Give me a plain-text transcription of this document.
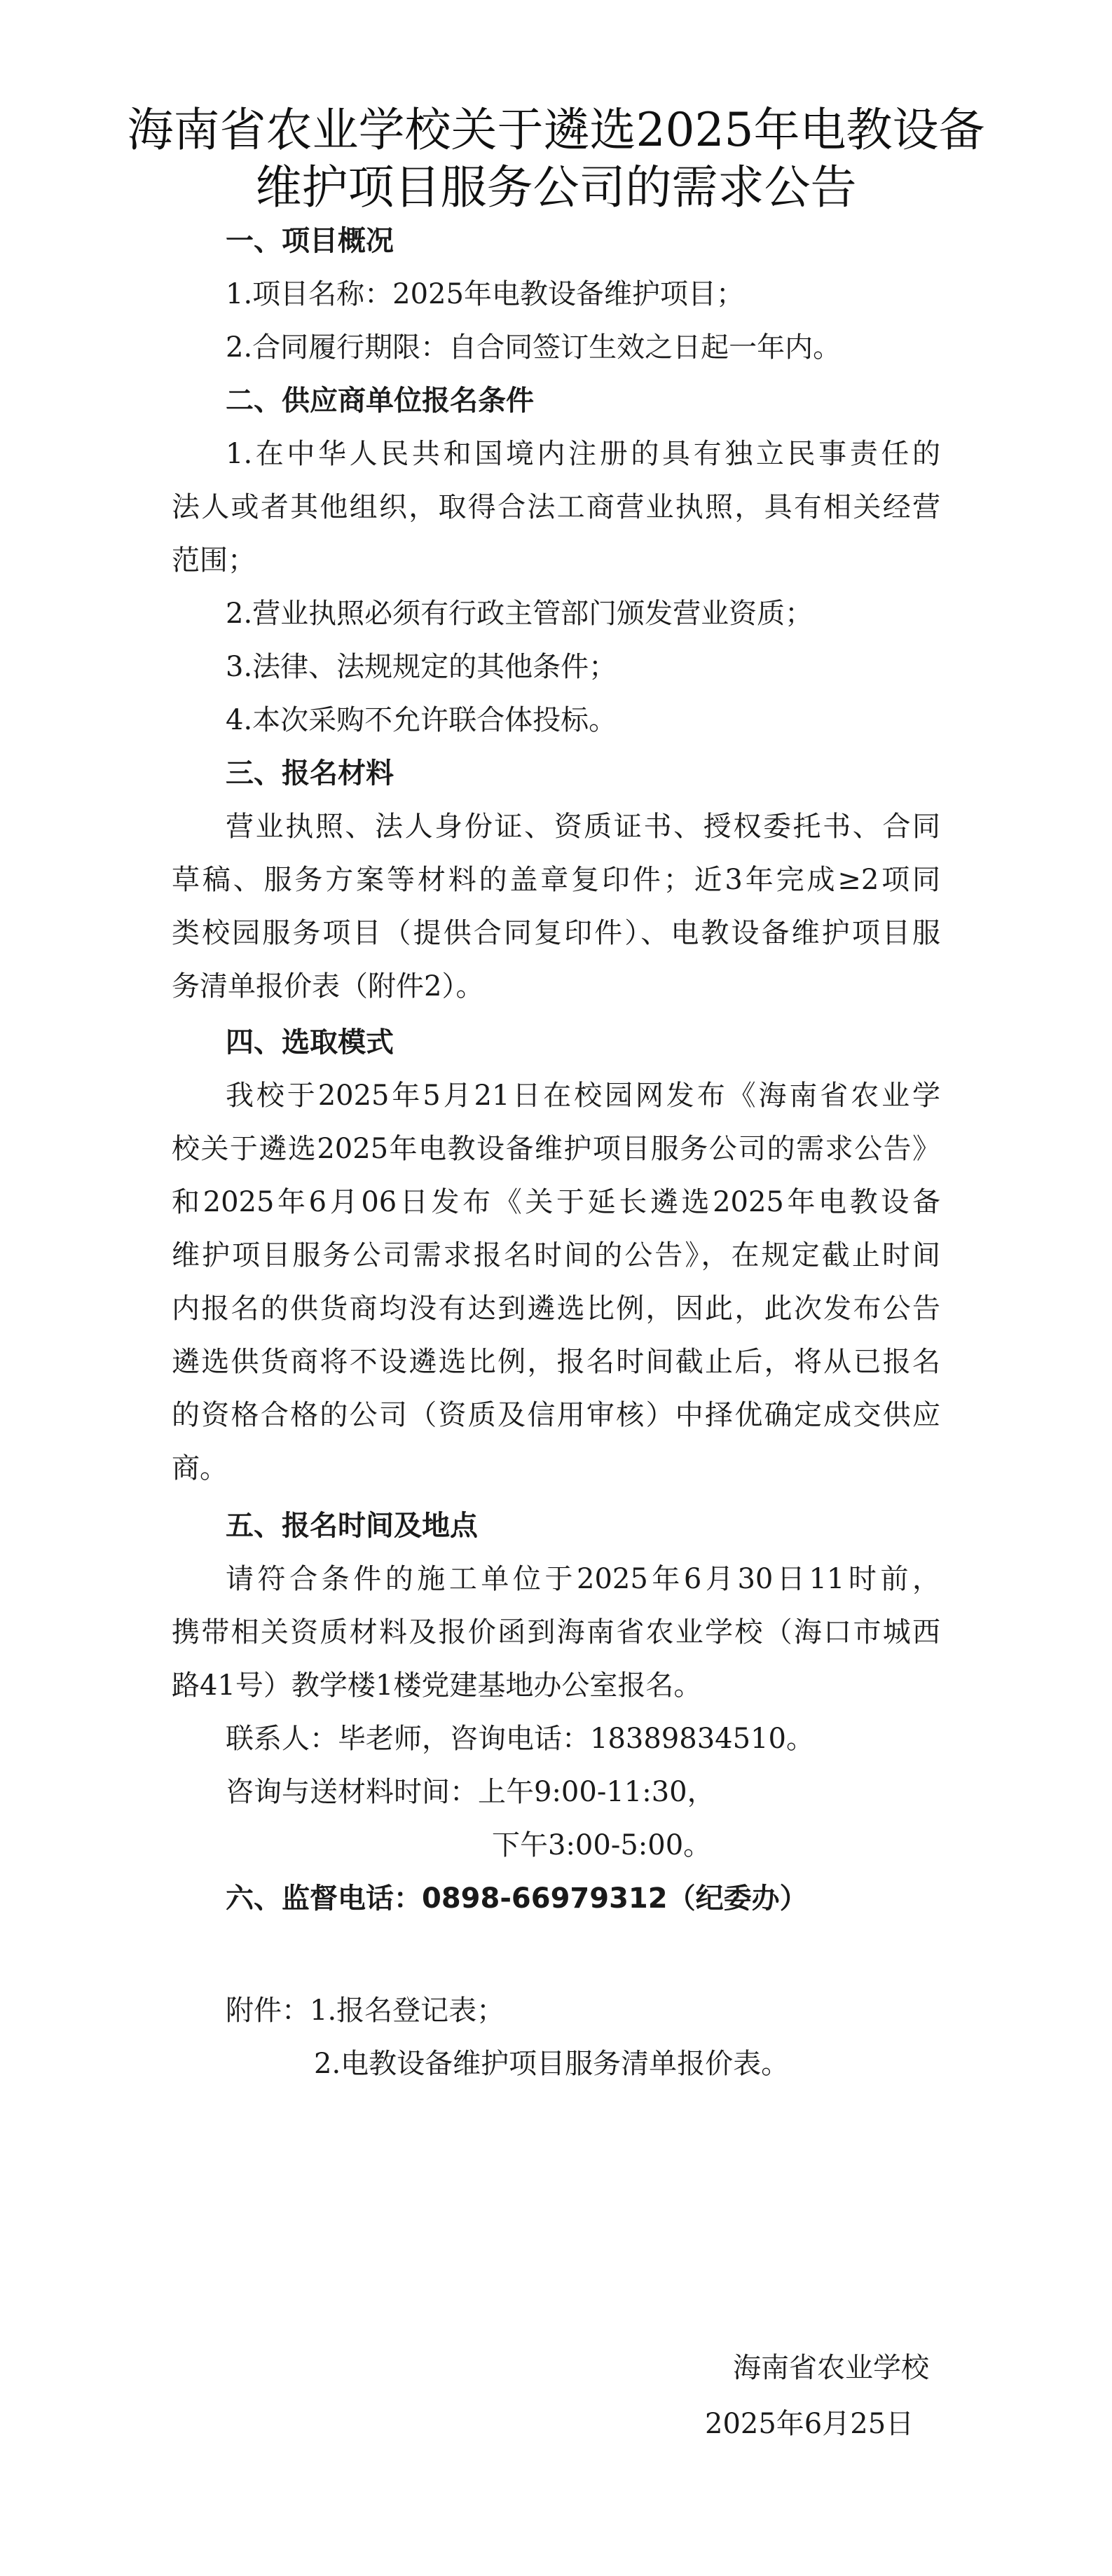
海南省农业学校关于遴选2025年电教设备
维护项目服务公司的需求公告
一、项目概况
1.项目名称：2025年电教设备维护项目；
2.合同履行期限：自合同签订生效之日起一年内。
二、供应商单位报名条件
1.在中华人民共和国境内注册的具有独立民事责任的
法人或者其他组织，取得合法工商营业执照，具有相关经营
范围；
2.营业执照必须有行政主管部门颁发营业资质；
3.法律、法规规定的其他条件；
4.本次采购不允许联合体投标。
三、报名材料
营业执照、法人身份证、资质证书、授权委托书、合同
草稿、服务方案等材料的盖章复印件；近3年完成≥2项同
类校园服务项目（提供合同复印件）、电教设备维护项目服
务清单报价表（附件2）。
四、选取模式
我校于2025年5月21日在校园网发布《海南省农业学
校关于遴选2025年电教设备维护项目服务公司的需求公告》
和2025年6月06日发布《关于延长遴选2025年电教设备
维护项目服务公司需求报名时间的公告》，在规定截止时间
内报名的供货商均没有达到遴选比例，因此，此次发布公告
遴选供货商将不设遴选比例，报名时间截止后，将从已报名
的资格合格的公司（资质及信用审核）中择优确定成交供应
商。
五、报名时间及地点
请符合条件的施工单位于2025年6月30日11时前，
携带相关资质材料及报价函到海南省农业学校（海口市城西
路41号）教学楼1楼党建基地办公室报名。
联系人：毕老师，咨询电话：18389834510。
咨询与送材料时间：上午9:00-11:30，
下午3:00-5:00。
六、监督电话：0898-66979312（纪委办）
附件：1.报名登记表；
2.电教设备维护项目服务清单报价表。
海南省农业学校
2025年6月25日
